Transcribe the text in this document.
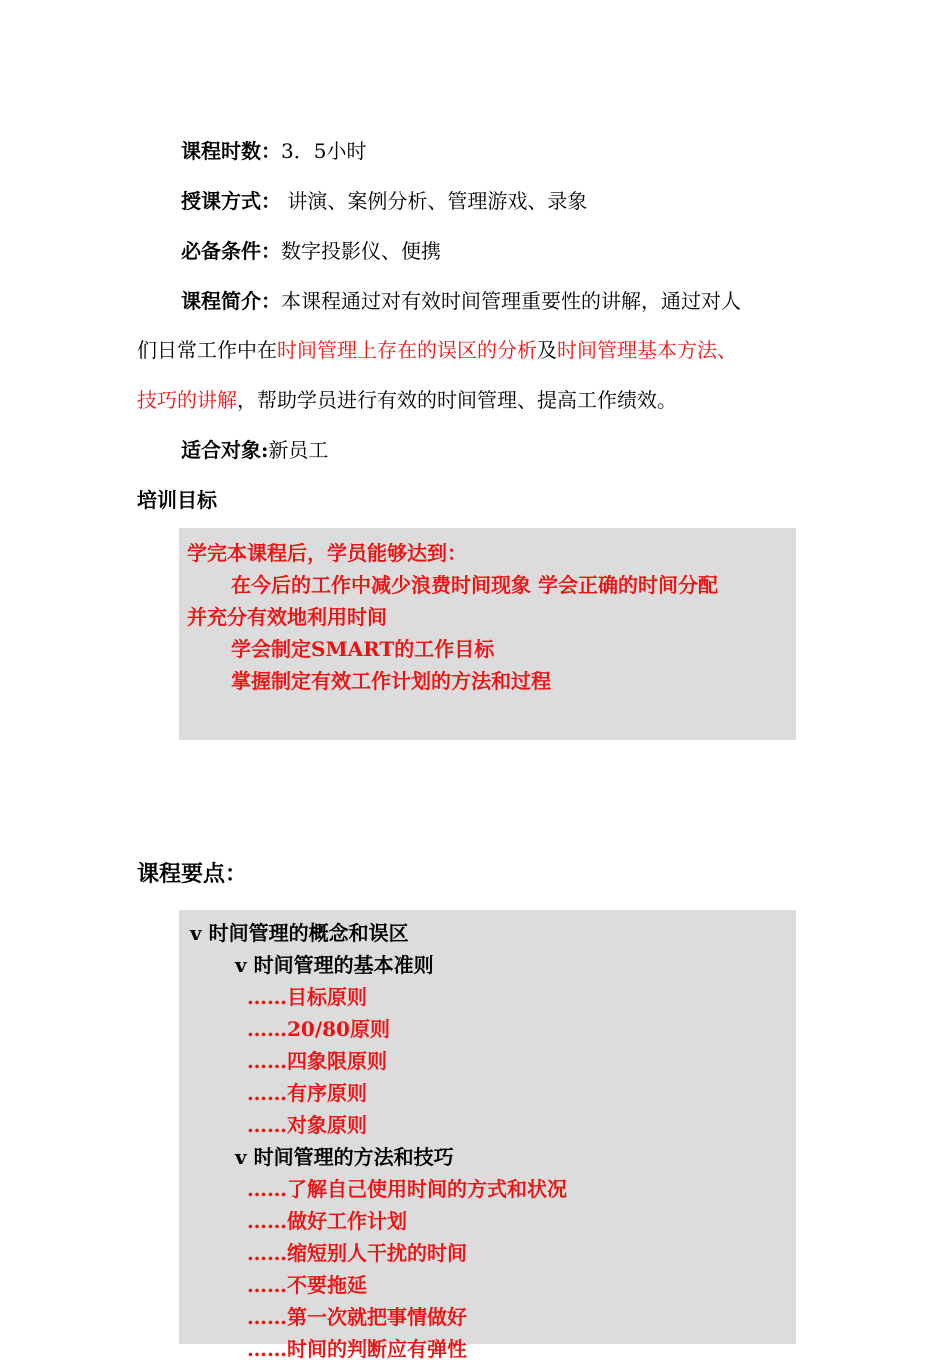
课程时数：3．5小时
授课方式： 讲演、案例分析、管理游戏、录象
必备条件：数字投影仪、便携
课程简介：本课程通过对有效时间管理重要性的讲解，通过对人
们日常工作中在时间管理上存在的误区的分析及时间管理基本方法、
技巧的讲解，帮助学员进行有效的时间管理、提高工作绩效。
适合对象:新员工
培训目标
学完本课程后，学员能够达到：
在今后的工作中减少浪费时间现象 学会正确的时间分配
并充分有效地利用时间
学会制定SMART的工作目标
掌握制定有效工作计划的方法和过程
课程要点：
v 时间管理的概念和误区
v 时间管理的基本准则
……目标原则
……20/80原则
……四象限原则
……有序原则
……对象原则
v 时间管理的方法和技巧
……了解自己使用时间的方式和状况
……做好工作计划
……缩短别人干扰的时间
……不要拖延
……第一次就把事情做好
……时间的判断应有弹性
